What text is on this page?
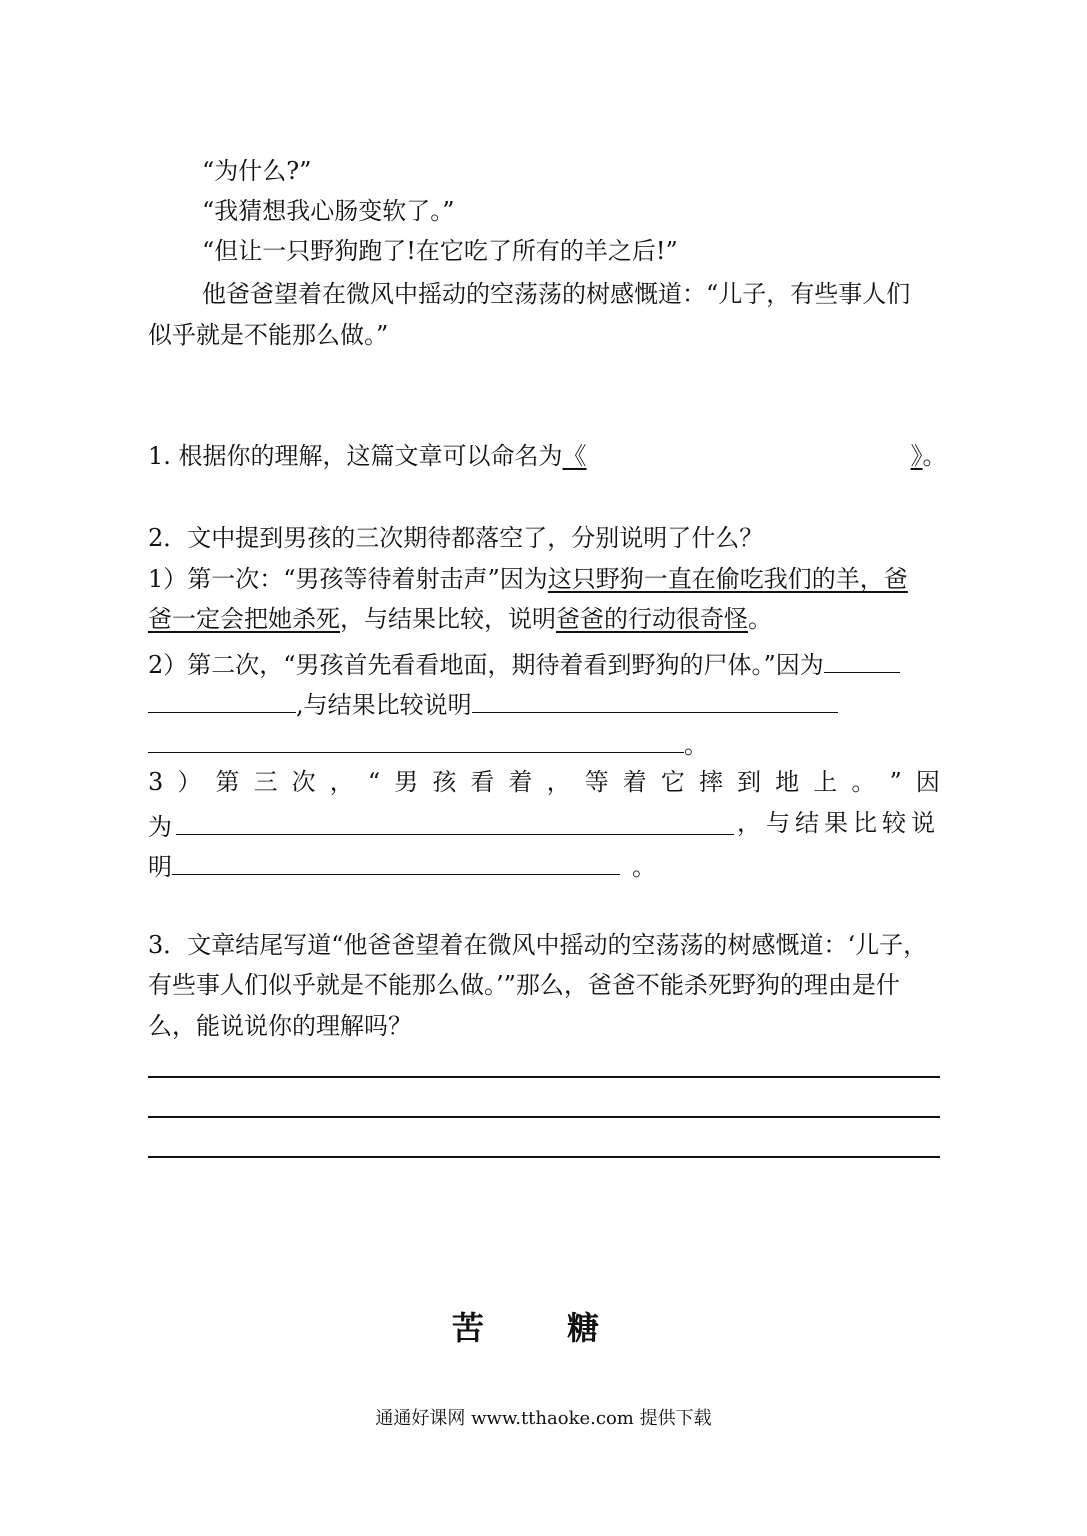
“为什么?”
“我猜想我心肠变软了。”
“但让一只野狗跑了!在它吃了所有的羊之后!”
他爸爸望着在微风中摇动的空荡荡的树感慨道：“儿子，有些事人们
似乎就是不能那么做。”
1. 根据你的理解，这篇文章可以命名为《	》。
2．文中提到男孩的三次期待都落空了，分别说明了什么？
1）第一次：“男孩等待着射击声”因为这只野狗一直在偷吃我们的羊，爸
爸一定会把她杀死，与结果比较，说明爸爸的行动很奇怪。
2）第二次，“男孩首先看看地面，期待着看到野狗的尸体。”因为
,与结果比较说明
。
3 ） 第 三 次 ， “ 男 孩 看 着 ， 等 着 它 摔 到 地 上 。 ” 因
为	，与结果比较说
明	。
3．文章结尾写道“他爸爸望着在微风中摇动的空荡荡的树感慨道：‘儿子，
有些事人们似乎就是不能那么做。’”那么，爸爸不能杀死野狗的理由是什
么，能说说你的理解吗？
苦 糖
通通好课网 www.tthaoke.com 提供下载
